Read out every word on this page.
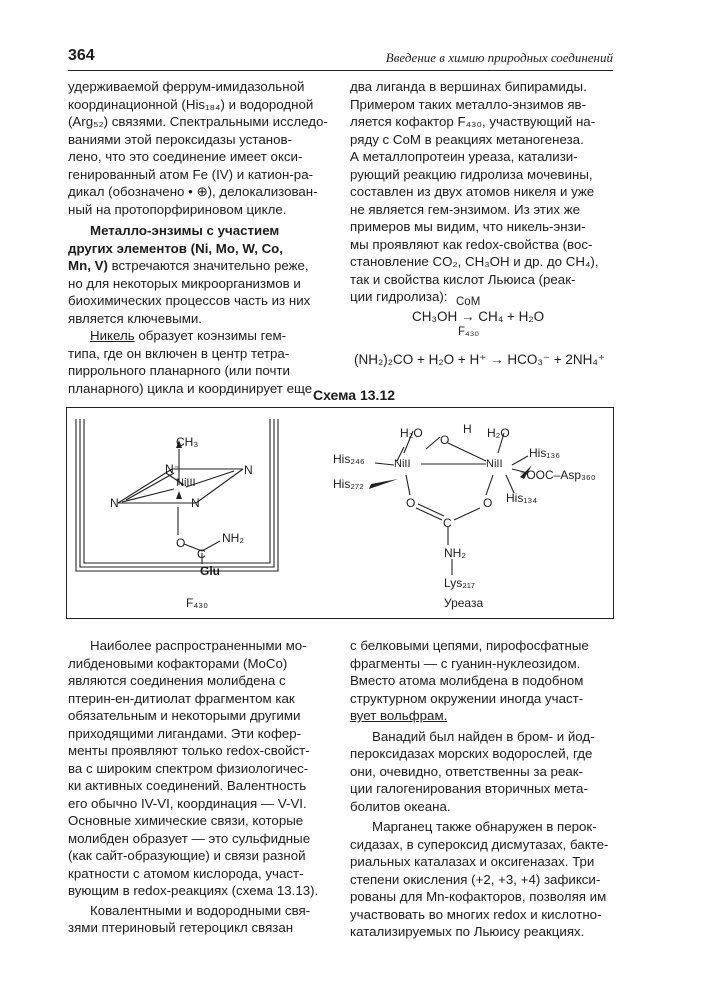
364	Введение в химию природных соединений
удерживаемой феррум-имидазольной
координационной (His₁₈₄) и водородной
(Arg₅₂) связями. Спектральными исследо-
ваниями этой пероксидазы установ-
лено, что это соединение имеет окси-
генированный атом Fe (IV) и катион-ра-
дикал (обозначено • ⊕), делокализован-
ный на протопорфириновом цикле.
Металло-энзимы с участием
других элементов (Ni, Mo, W, Co,
Mn, V) встречаются значительно реже,
но для некоторых микроорганизмов и
биохимических процессов часть из них
является ключевыми.
Никель образует коэнзимы гем-
типа, где он включен в центр тетра-
пиррольного планарного (или почти
планарного) цикла и координирует еще
два лиганда в вершинах бипирамиды.
Примером таких металло-энзимов яв-
ляется кофактор F₄₃₀, участвующий на-
ряду с CoM в реакциях метаногенеза.
А металлопротеин уреаза, катализи-
рующий реакцию гидролиза мочевины,
составлен из двух атомов никеля и уже
не является гем-энзимом. Из этих же
примеров мы видим, что никель-энзи-
мы проявляют как redox-свойства (вос-
становление CO₂, CH₃OH и др. до CH₄),
так и свойства кислот Льюиса (реак-
ции гидролиза): CoM
CH₃OH → CH₄ + H₂O
F₄₃₀
(NH₂)₂CO + H₂O + H⁺ → HCO₃⁻ + 2NH₄⁺
Схема 13.12
CH₃
N⁻	N
NiIII
N	N
O	NH₂
C
Glu
F₄₃₀
H₂O	H H₂O
O
His₂₄₆	NiII	NiII
His₁₃₆
⁻OOC–Asp₃₆₀
His₂₇₂
His₁₃₄
O	O
C
NH₂
Lys₂₁₇
Уреаза
Наиболее распространенными мо-
либденовыми кофакторами (MoCo)
являются соединения молибдена с
птерин-ен-дитиолат фрагментом как
обязательным и некоторыми другими
приходящими лигандами. Эти кофер-
менты проявляют только redox-свойст-
ва с широким спектром физиологичес-
ки активных соединений. Валентность
его обычно IV-VI, координация — V-VI.
Основные химические связи, которые
молибден образует — это сульфидные
(как сайт-образующие) и связи разной
кратности с атомом кислорода, участ-
вующим в redox-реакциях (схема 13.13).
Ковалентными и водородными свя-
зями птериновый гетероцикл связан
с белковыми цепями, пирофосфатные
фрагменты — с гуанин-нуклеозидом.
Вместо атома молибдена в подобном
структурном окружении иногда участ-
вует вольфрам.
Ванадий был найден в бром- и йод-
пероксидазах морских водорослей, где
они, очевидно, ответственны за реак-
ции галогенирования вторичных мета-
болитов океана.
Марганец также обнаружен в перок-
сидазах, в супероксид дисмутазах, бакте-
риальных каталазах и оксигеназах. Три
степени окисления (+2, +3, +4) зафикси-
рованы для Mn-кофакторов, позволяя им
участвовать во многих redox и кислотно-
катализируемых по Льюису реакциях.
